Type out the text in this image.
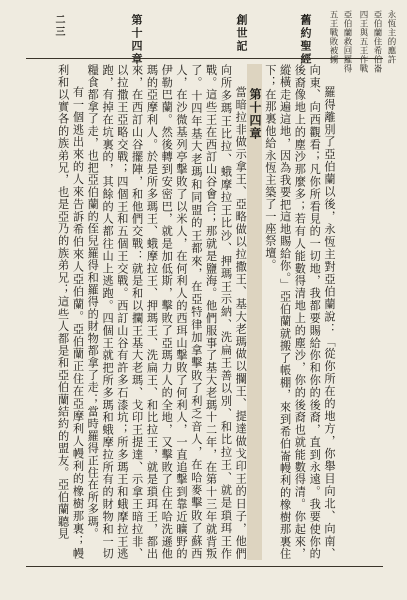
舊約聖經
創世記
第十四章
二三	永恆主的應許
亞伯蘭住希伯崙
四王與五王作戰
亞伯蘭救回羅得
五王戰敗被擄

羅得離別了亞伯蘭以後，永恆主對亞伯蘭說：「從你所在的地方，你舉目向北、向南、向東、向西觀看；凡你所看見的一切地，我都要賜給你和你的後裔，直到永遠。我要使你的後裔像地上的塵沙那麼多；若有人能數得清地上的塵沙，你的後裔也就能數得清。你起來，縱橫走遍這地，因為我要把這地賜給你。」亞伯蘭就搬了帳棚，來到希伯崙幔利的橡樹那裏住下；在那裏他給永恆主築了一座祭壇。

第十四章

當暗拉非做示拿王、亞略做以拉撒王、基大老瑪做以攔王、提達做戈印王的日子，他們向所多瑪王比拉、蛾摩拉王比沙、押瑪王示納、洗扁王善以別、和比拉王、就是瑣珥王作戰。這些王在西訂山谷會合；那就是鹽海。他們服事了基大老瑪十二年，在第十三年就背叛了。十四年基大老瑪和同盟的王都來，在亞特律加拿擊敗了利乏音人，在哈麥擊敗了蘇西人，在沙微基列亭擊敗了以米人，在何利人的西珥山擊敗了何利人，一直追擊到靠近曠野的伊勒巴蘭。然後轉到安密巴，就是加低斯，擊敗了亞瑪力人的全地，又擊敗了住在哈洗遜他瑪的亞摩利人。於是所多瑪王、蛾摩拉王、押瑪王、洗扁王、和比拉王，就是瑣珥王，都出來，在西訂山谷擺陣，和他們交戰：就是和以攔王基大老瑪、戈印王提達、示拿王暗拉非、以拉撒王亞略交戰；四個王和五個王交戰。西訂山谷有許多石漆坑；所多瑪王和蛾摩拉王逃跑，有掉在坑裏的，其餘的人都往山上逃跑。四個王就把所多瑪和蛾摩拉所有的財物和一切糧食都拿了走，也把亞伯蘭的侄兒羅得和羅得的財物都拿了走；當時羅得正住在所多瑪。

有一個逃出來的人來告訴希伯來人亞伯蘭。亞伯蘭正住在亞摩利人幔利的橡樹那裏；幔利和以實各的族弟兄，也是亞乃的族弟兄；這些人都是和亞伯蘭結約的盟友。亞伯蘭聽見
